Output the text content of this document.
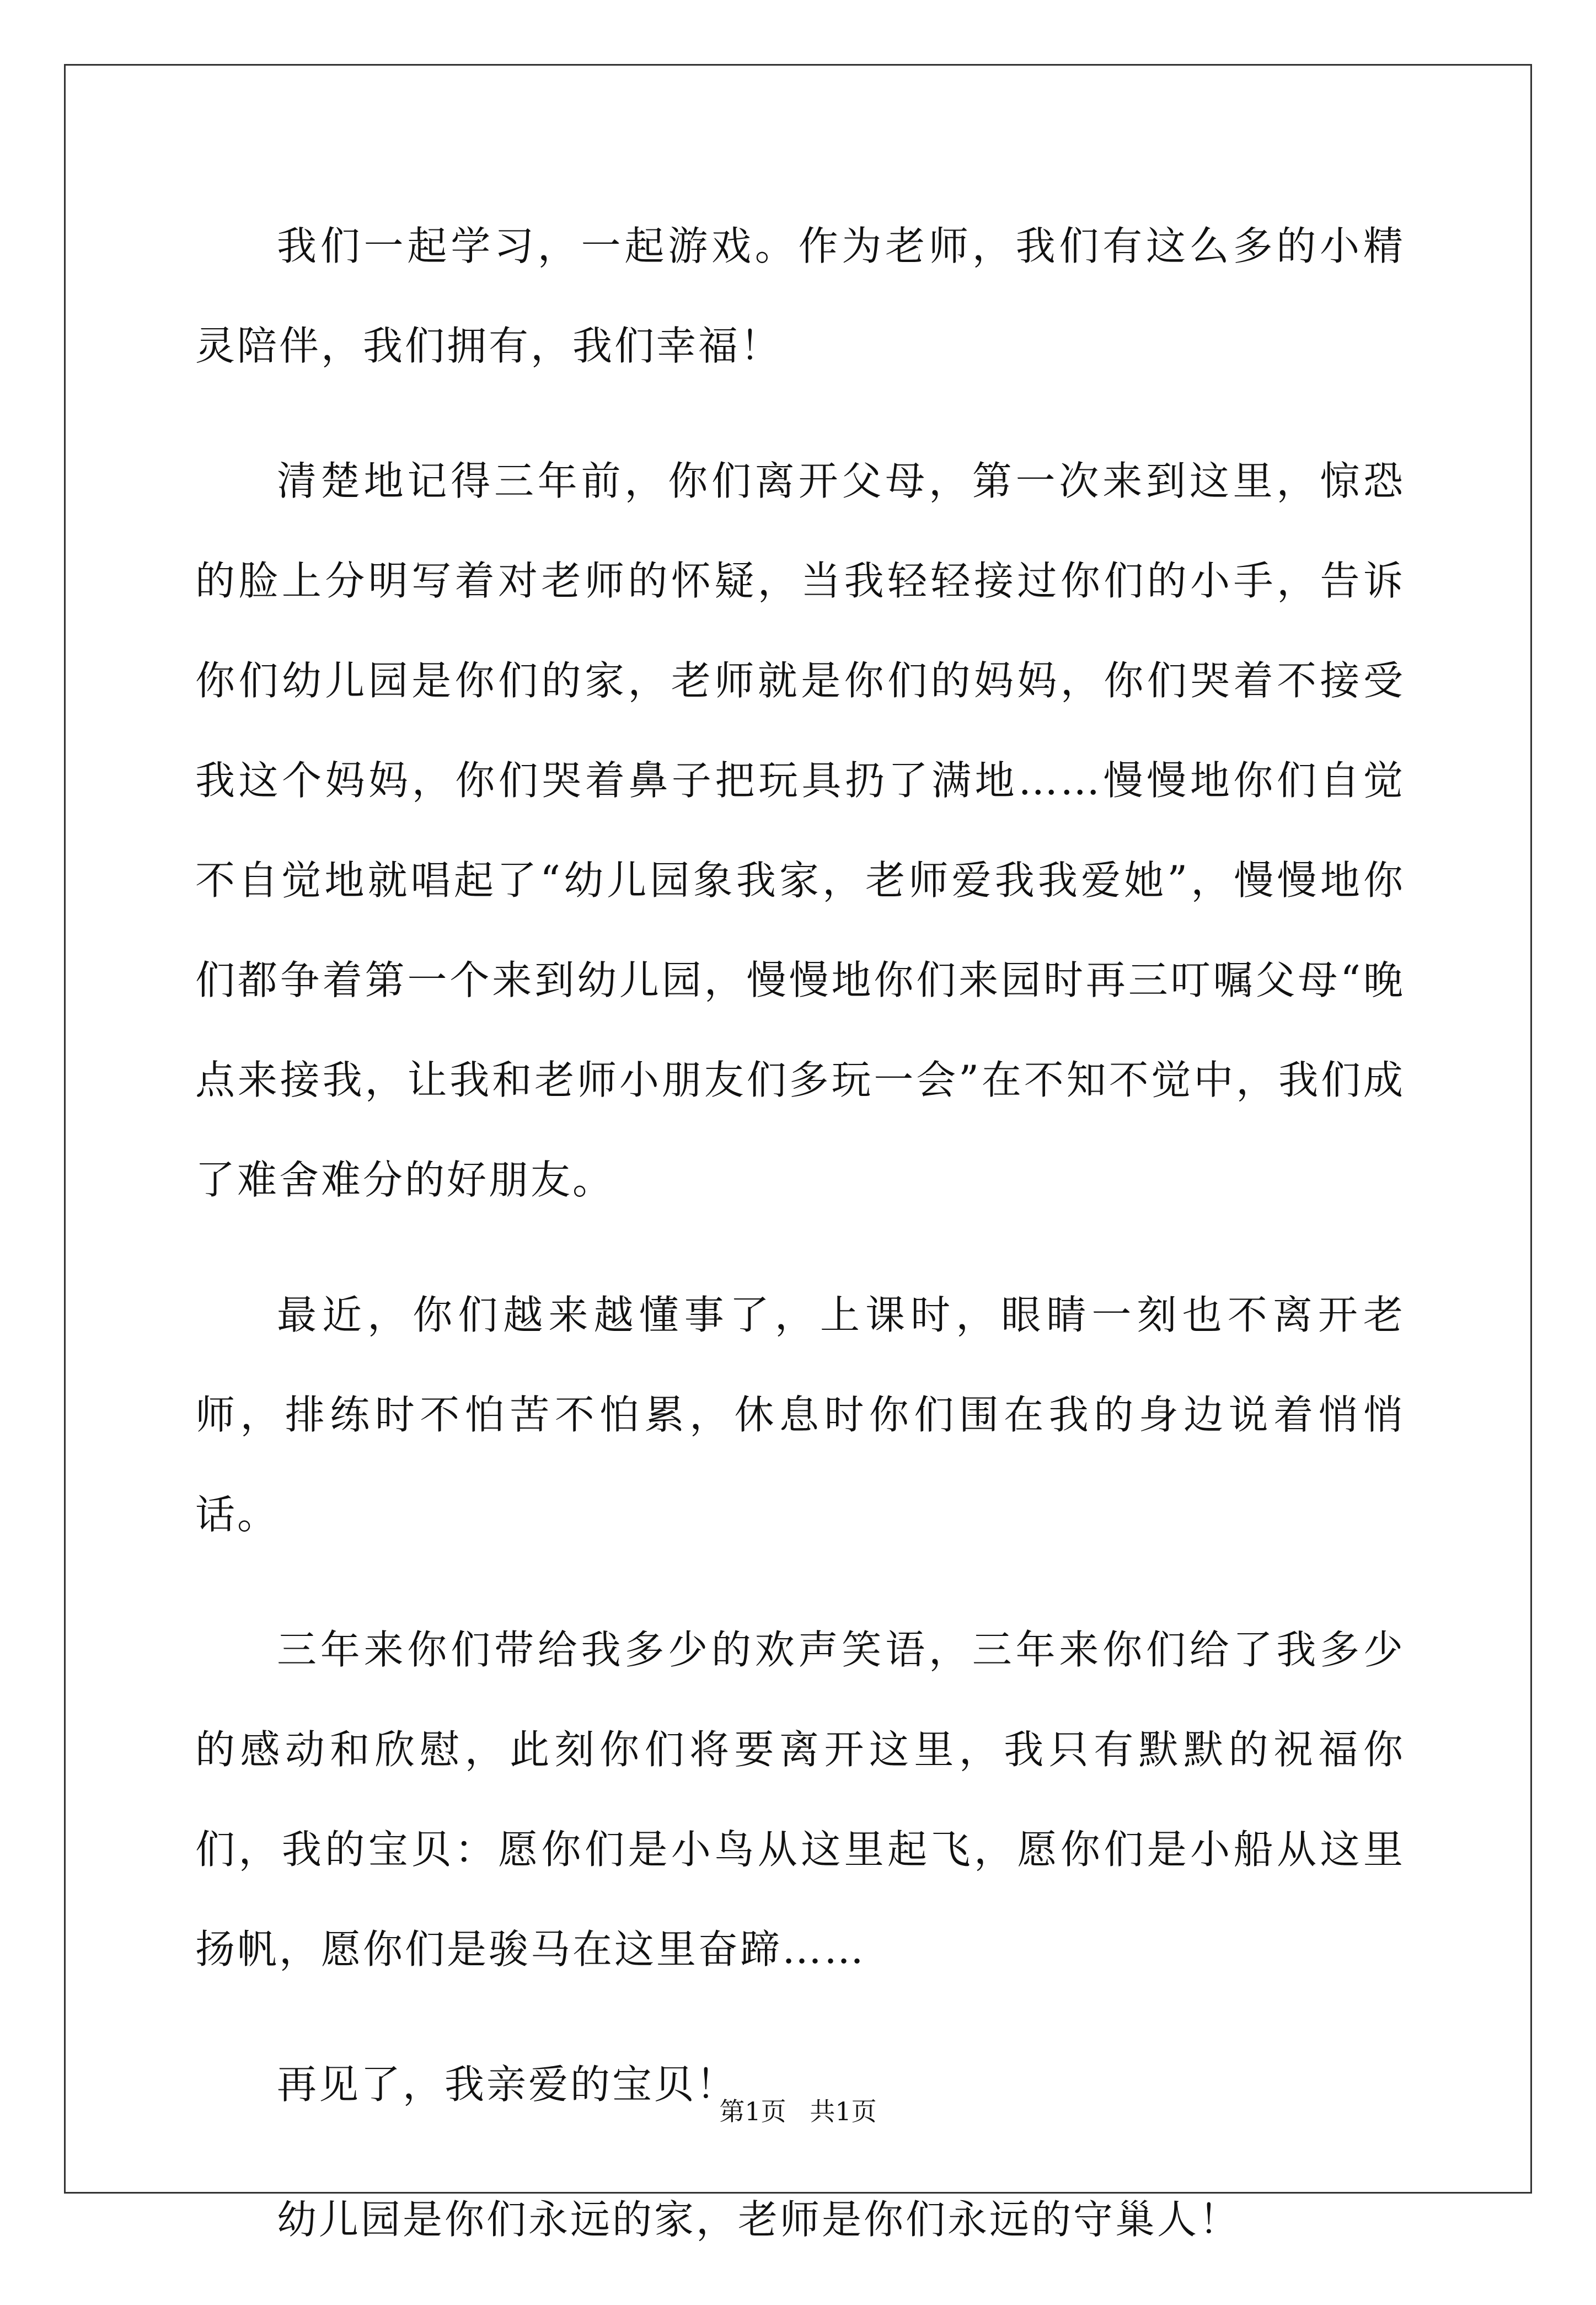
我们一起学习，一起游戏。作为老师，我们有这么多的小精灵陪伴，我们拥有，我们幸福！

清楚地记得三年前，你们离开父母，第一次来到这里，惊恐的脸上分明写着对老师的怀疑，当我轻轻接过你们的小手，告诉你们幼儿园是你们的家，老师就是你们的妈妈，你们哭着不接受我这个妈妈，你们哭着鼻子把玩具扔了满地……慢慢地你们自觉不自觉地就唱起了“幼儿园象我家，老师爱我我爱她”，慢慢地你们都争着第一个来到幼儿园，慢慢地你们来园时再三叮嘱父母“晚点来接我，让我和老师小朋友们多玩一会”在不知不觉中，我们成了难舍难分的好朋友。

最近，你们越来越懂事了，上课时，眼睛一刻也不离开老师，排练时不怕苦不怕累，休息时你们围在我的身边说着悄悄话。

三年来你们带给我多少的欢声笑语，三年来你们给了我多少的感动和欣慰，此刻你们将要离开这里，我只有默默的祝福你们，我的宝贝：愿你们是小鸟从这里起飞，愿你们是小船从这里扬帆，愿你们是骏马在这里奋蹄……

再见了，我亲爱的宝贝！

幼儿园是你们永远的家，老师是你们永远的守巢人！

第1页 共1页
